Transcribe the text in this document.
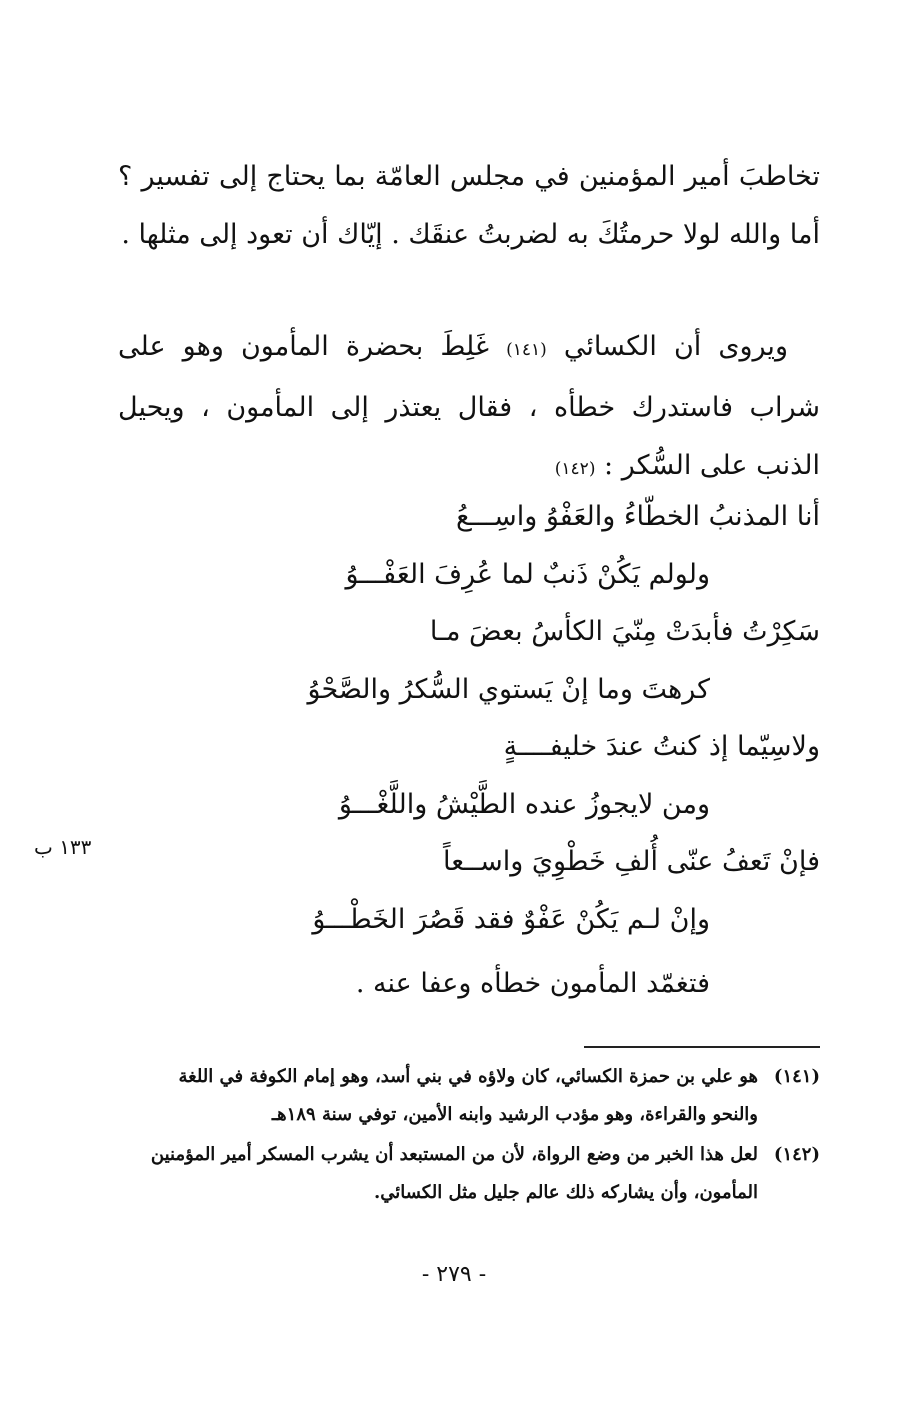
تخاطبَ أمير المؤمنين في مجلس العامّة بما يحتاج إلى تفسير ؟ أما والله لولا حرمتُكَ به لضربتُ عنقَك . إيّاك أن تعود إلى مثلها .

ويروى أن الكسائي (١٤١) غَلِطَ بحضرة المأمون وهو على شراب فاستدرك خطأه ، فقال يعتذر إلى المأمون ، ويحيل الذنب على السُّكر : (١٤٢)

أنا المذنبُ الخطّاءُ والعَفْوُ واسِـــعُ
ولولم يَكُنْ ذَنبٌ لما عُرِفَ العَفْـــوُ
سَكِرْتُ فأبدَتْ مِنّيَ الكأسُ بعضَ مـا
كرهتَ وما إنْ يَستوي السُّكرُ والصَّحْوُ
ولاسِيّما إذ كنتُ عندَ خليفــــةٍ
ومن لايجوزُ عنده الطَّيْشُ واللَّغْـــوُ
فإنْ تَعفُ عنّى أُلفِ خَطْوِيَ واســعاً
وإنْ لـم يَكُنْ عَفْوٌ فقد قَصُرَ الخَطْـــوُ
١٣٣ ب
فتغمّد المأمون خطأه وعفا عنه .
(١٤١)هو علي بن حمزة الكسائي، كان ولاؤه في بني أسد، وهو إمام الكوفة في اللغة
والنحو والقراءة، وهو مؤدب الرشيد وابنه الأمين، توفي سنة ١٨٩هـ
(١٤٢)لعل هذا الخبر من وضع الرواة، لأن من المستبعد أن يشرب المسكر أمير المؤمنين
المأمون، وأن يشاركه ذلك عالم جليل مثل الكسائي.
- ٢٧٩ -
